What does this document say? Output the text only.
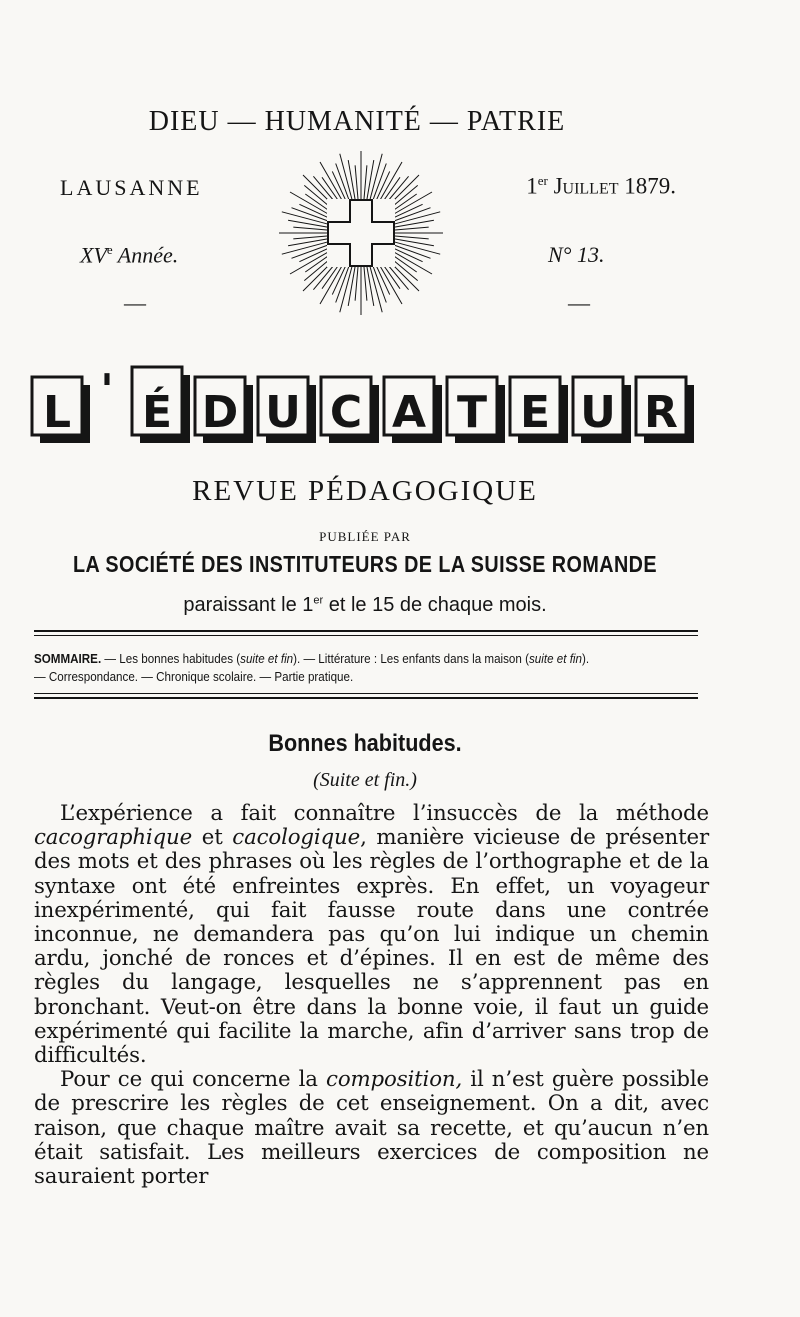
DIEU — HUMANITÉ — PATRIE
LAUSANNE	1er Juillet 1879.
XVe Année.	N° 13.
—	—
L ' É D U C A T E U R
REVUE PÉDAGOGIQUE
PUBLIÉE PAR
LA SOCIÉTÉ DES INSTITUTEURS DE LA SUISSE ROMANDE
paraissant le 1er et le 15 de chaque mois.
SOMMAIRE. — Les bonnes habitudes (suite et fin). — Littérature : Les enfants dans la maison (suite et fin).
— Correspondance. — Chronique scolaire. — Partie pratique.
Bonnes habitudes.
(Suite et fin.)

L’expérience a fait connaître l’insuccès de la méthode cacographique et cacologique, manière vicieuse de présenter des mots et des phrases où les règles de l’orthographe et de la syntaxe ont été enfreintes exprès. En effet, un voyageur inexpérimenté, qui fait fausse route dans une contrée inconnue, ne demandera pas qu’on lui indique un chemin ardu, jonché de ronces et d’épines. Il en est de même des règles du langage, lesquelles ne s’apprennent pas en bronchant. Veut-on être dans la bonne voie, il faut un guide expérimenté qui facilite la marche, afin d’arriver sans trop de difficultés.

Pour ce qui concerne la composition, il n’est guère possible de prescrire les règles de cet enseignement. On a dit, avec raison, que chaque maître avait sa recette, et qu’aucun n’en était satisfait. Les meilleurs exercices de composition ne sauraient porter
